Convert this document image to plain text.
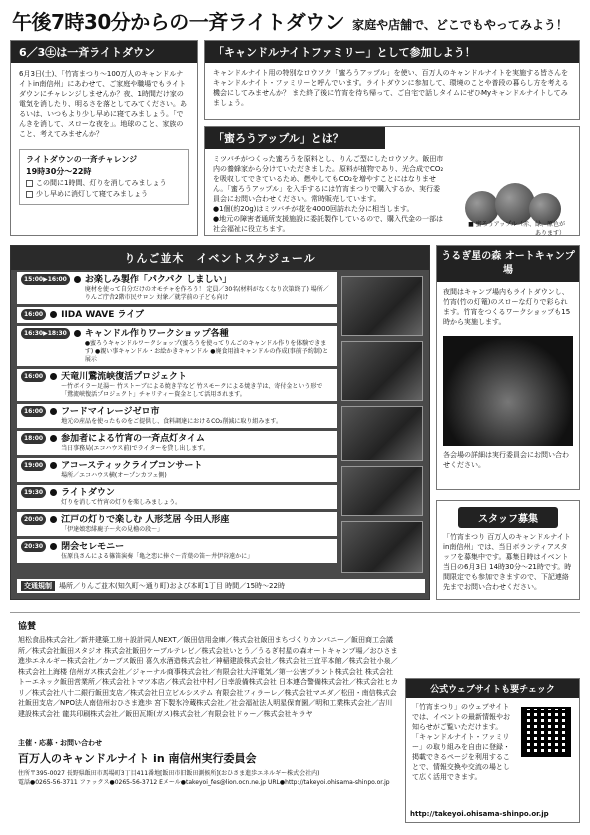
午後7時30分からの一斉ライトダウン 家庭や店舗で、どこでもやってみよう！
6／3㊏は一斉ライトダウン
6月3日(土)、「竹宵まつり〜100万人のキャンドルナイトin南信州」にあわせて、ご家庭や職場でもライトダウンにチャレンジしませんか？夜、1時間だけ家の電気を消したり、明るさを落としてみてください。あるいは、いつもより少し早めに寝てみましょう。「でんきを消して、スローな夜を」。地球のこと、家族のこと、考えてみませんか？
ライトダウンの一斉チャレンジ
19時30分〜22時
この間に1時間、灯りを消してみましょう
少し早めに消灯して寝てみましょう
「キャンドルナイトファミリー」として参加しよう！
キャンドルナイト用の特別なロウソク「蜜ろうアップル」を使い、百万人のキャンドルナイトを実施する皆さんをキャンドルナイト・ファミリーと呼んでいます。ライトダウンに参加して、環境のことや普段の暮らし方を考える機会にしてみませんか？ また終了後に竹宵を待ち帰って、ご自宅で話しタイムにぜひMyキャンドルナイトしてみましょう。
「蜜ろうアップル」とは？
ミツバチがつくった蜜ろうを原料とし、りんご型にしたロウソク。飯田市内の養蜂家から分けていただきました。原料が植物であり、光合成でCO₂を吸収してできているため、燃やしてもCO₂を増やすことにはなりません。「蜜ろうアップル」を入手するには竹宵まつりで購入するか、実行委員会にお問い合わせください。常時販売しています。
●1個(約20g)はミツバチが花を4000回訪れた分に相当します。
●地元の障害者通所支援施設に委託製作しているので、購入代金の一部は社会福祉に役立ちます。
■ 蜜ろうアップル（赤、緑、原色があります）
りんご並木　イベントスケジュール
15:00▶16:00	お楽しみ製作「パクパク しましい」
廃材を使って自分だけのオモチャを作ろう！ 定員／30名(材料がなくなり次第終了) 場所／りんご庁舎2階市民サロン 対象／就学前の子ども向け
16:00	IIDA WAVE ライブ
16:30▶18:30	キャンドル作りワークショップ各種
●蜜ろうキャンドルワークショップ(蜜ろうを使ってりんごのキャンドル作りを体験できます) ●親い事キャンドル・お絵かきキャンドル ●廃食用油キャンドルの作成(事前予約制)と展示
16:00	天竜川鵞流峡復活プロジェクト
〜竹ボイラー足湯〜 竹ストーブによる焼き芋など 竹スモークによる焼き芋は、寄付金という形で「鵞流峡復活プロジェクト」チャリティー資金として活用されます。
16:00	フードマイレージゼロ市
地元の産品を使ったものをご提供し、食料調達におけるCO₂削減に取り組みます。
18:00	参加者による竹宵の一斉点灯タイム
当日事務局(エコハウス前)でライターを貸し出します。
19:00	アコースティックライブコンサート
場所／エコハウス横(オープンカフェ側)
19:30	ライトダウン
灯りを消して竹宵の灯りを楽しみましょう。
20:00	江戸の灯りで楽しむ 人形芝居 今田人形座
「伊達娘恋緋鹿子〜火の見櫓の段〜」
20:30	閉会セレモニー
伍原良さんによる篠笛演奏「亀之恋に捧ぐ〜青葉の笛〜井伊谷遠かに」
交通規制	場所／りんご並木(知久町〜通り町)および本町1丁目 時間／15時〜22時
うるぎ星の森 オートキャンプ場
夜間はキャンプ場内もライトダウンし、竹宵(竹の灯篭)のスローな灯りで彩られます。竹宵をつくるワークショップも15時から実施します。
各会場の詳細は実行委員会にお問い合わせください。
スタッフ募集
「竹宵まつり 百万人のキャンドルナイトin南信州」では、当日ボランティアスタッフを募集中です。募集日時はイベント当日の6月3日 14時30分〜21時です。時間限定でも参加できますので、下記連絡先までお問い合わせください。
協賛
旭松食品株式会社／新井建築工房＋設計同人NEXT／飯田信用金庫／株式会社飯田まちづくりカンパニー／飯田商工会議所／株式会社飯田スタジオ 株式会社飯田ケーブルテレビ／株式会社いとう／うるぎ村星の森オートキャンプ場／おひさま進歩エネルギー株式会社／カーブス飯田 喜久水酒造株式会社／神稲建設株式会社／株式会社三宜平本館／株式会社小泉／株式会社上海楼 信州ガス株式会社／ジャーナル商事株式会社／有限会社大洋電気／第一公害プラント株式会社 株式会社トーエネック飯田営業所／株式会社トマツ本店／株式会社中村／日幸設備株式会社 日本連合警備株式会社／株式会社ヒカリ／株式会社八十二銀行飯田支店／株式会社日立ビルシステム 有限会社フィラーレ／株式会社マエダ／松田・南信株式会社飯田支店／NPO法人南信州おひさま進歩 宮下製氷冷蔵株式会社／社会福祉法人明星保育園／明和工業株式会社／吉川建設株式会社 龍共印刷株式会社／飯田瓦斯(ガス)株式会社／有限会社ドゥー／株式会社キラヤ
主催・応募・お問い合わせ
百万人のキャンドルナイト in 南信州実行委員会
住所〒395-0027 長野県飯田市馬場町3丁目411番地[飯田市旧飯田測候所](おひさま進歩エネルギー株式会社内)
電話●0265-56-3711 ファックス●0265-56-3712 Eメール●takeyoi_fes@lion.ocn.ne.jp URL●http://takeyoi.ohisama-shinpo.or.jp
公式ウェブサイトも要チェック
「竹宵まつり」のウェブサイトでは、イベントの最新情報やお知らせがご覧いただけます。「キャンドルナイト・ファミリー」の取り組みを自由に登録・掲載できるページを利用することで、情報交換や交流の場として広く活用できます。
http://takeyoi.ohisama-shinpo.or.jp
